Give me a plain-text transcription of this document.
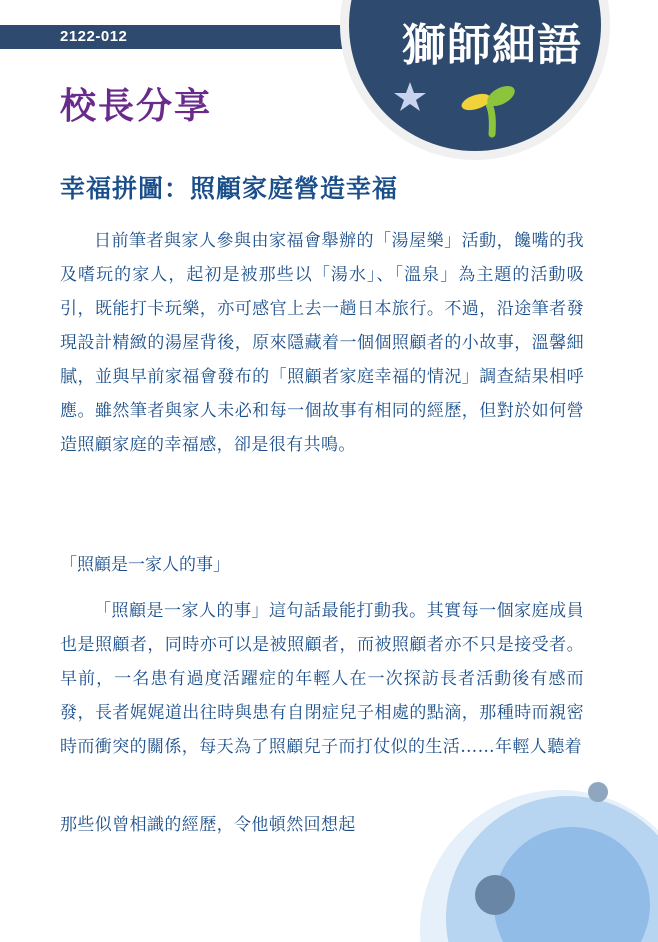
2122-012	獅師細語
校長分享
幸福拼圖：照顧家庭營造幸福

日前筆者與家人參與由家福會舉辦的「湯屋樂」活動，饞嘴的我及嗜玩的家人，起初是被那些以「湯水」、「溫泉」為主題的活動吸引，既能打卡玩樂，亦可感官上去一趟日本旅行。不過，沿途筆者發現設計精緻的湯屋背後，原來隱藏着一個個照顧者的小故事，溫馨細膩，並與早前家福會發布的「照顧者家庭幸福的情況」調查結果相呼應。雖然筆者與家人未必和每一個故事有相同的經歷，但對於如何營造照顧家庭的幸福感，卻是很有共鳴。

「照顧是一家人的事」

「照顧是一家人的事」這句話最能打動我。其實每一個家庭成員也是照顧者，同時亦可以是被照顧者，而被照顧者亦不只是接受者。早前，一名患有過度活躍症的年輕人在一次探訪長者活動後有感而發，長者娓娓道出往時與患有自閉症兒子相處的點滴，那種時而親密時而衝突的關係，每天為了照顧兒子而打仗似的生活……年輕人聽着

那些似曾相識的經歷，令他頓然回想起
